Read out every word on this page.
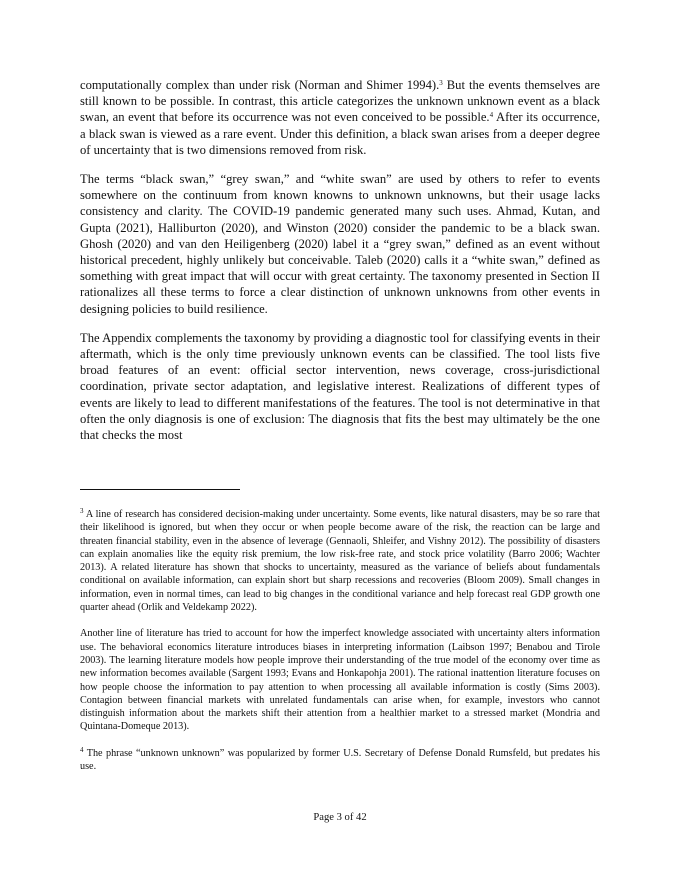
computationally complex than under risk (Norman and Shimer 1994).$^3$ But the events themselves are still known to be possible. In contrast, this article categorizes the unknown unknown event as a black swan, an event that before its occurrence was not even conceived to be possible.$^4$ After its occurrence, a black swan is viewed as a rare event. Under this definition, a black swan arises from a deeper degree of uncertainty that is two dimensions removed from risk.

The terms “black swan,” “grey swan,” and “white swan” are used by others to refer to events somewhere on the continuum from known knowns to unknown unknowns, but their usage lacks consistency and clarity. The COVID-19 pandemic generated many such uses. Ahmad, Kutan, and Gupta (2021), Halliburton (2020), and Winston (2020) consider the pandemic to be a black swan. Ghosh (2020) and van den Heiligenberg (2020) label it a “grey swan,” defined as an event without historical precedent, highly unlikely but conceivable. Taleb (2020) calls it a “white swan,” defined as something with great impact that will occur with great certainty. The taxonomy presented in Section II rationalizes all these terms to force a clear distinction of unknown unknowns from other events in designing policies to build resilience.

The Appendix complements the taxonomy by providing a diagnostic tool for classifying events in their aftermath, which is the only time previously unknown events can be classified. The tool lists five broad features of an event: official sector intervention, news coverage, cross-jurisdictional coordination, private sector adaptation, and legislative interest. Realizations of different types of events are likely to lead to different manifestations of the features. The tool is not determinative in that often the only diagnosis is one of exclusion: The diagnosis that fits the best may ultimately be the one that checks the most

$^3$ A line of research has considered decision-making under uncertainty. Some events, like natural disasters, may be so rare that their likelihood is ignored, but when they occur or when people become aware of the risk, the reaction can be large and threaten financial stability, even in the absence of leverage (Gennaoli, Shleifer, and Vishny 2012). The possibility of disasters can explain anomalies like the equity risk premium, the low risk-free rate, and stock price volatility (Barro 2006; Wachter 2013). A related literature has shown that shocks to uncertainty, measured as the variance of beliefs about fundamentals conditional on available information, can explain short but sharp recessions and recoveries (Bloom 2009). Small changes in information, even in normal times, can lead to big changes in the conditional variance and help forecast real GDP growth one quarter ahead (Orlik and Veldekamp 2022).

Another line of literature has tried to account for how the imperfect knowledge associated with uncertainty alters information use. The behavioral economics literature introduces biases in interpreting information (Laibson 1997; Benabou and Tirole 2003). The learning literature models how people improve their understanding of the true model of the economy over time as new information becomes available (Sargent 1993; Evans and Honkapohja 2001). The rational inattention literature focuses on how people choose the information to pay attention to when processing all available information is costly (Sims 2003). Contagion between financial markets with unrelated fundamentals can arise when, for example, investors who cannot distinguish information about the markets shift their attention from a healthier market to a stressed market (Mondria and Quintana-Domeque 2013).

$^4$ The phrase “unknown unknown” was popularized by former U.S. Secretary of Defense Donald Rumsfeld, but predates his use.

Page 3 of 42
